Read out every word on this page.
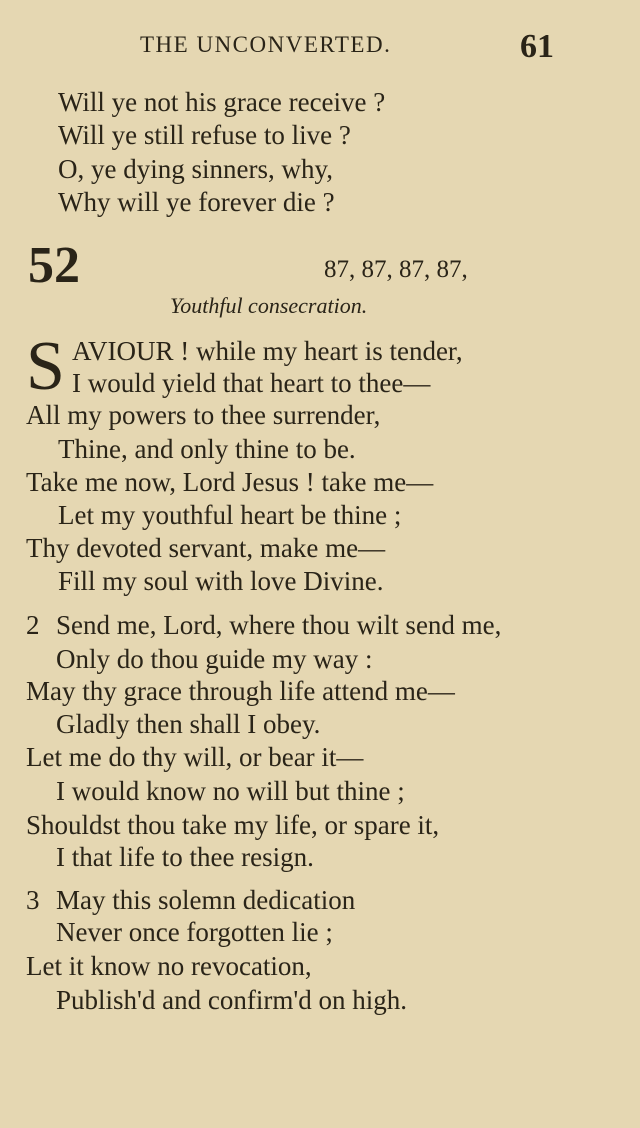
THE UNCONVERTED.	61
Will ye not his grace receive ?
Will ye still refuse to live ?
O, ye dying sinners, why,
Why will ye forever die ?
52	87, 87, 87, 87,
Youthful consecration.
S AVIOUR ! while my heart is tender,
I would yield that heart to thee—
All my powers to thee surrender,
Thine, and only thine to be.
Take me now, Lord Jesus ! take me—
Let my youthful heart be thine ;
Thy devoted servant, make me—
Fill my soul with love Divine.
2 Send me, Lord, where thou wilt send me,
Only do thou guide my way :
May thy grace through life attend me—
Gladly then shall I obey.
Let me do thy will, or bear it—
I would know no will but thine ;
Shouldst thou take my life, or spare it,
I that life to thee resign.
3 May this solemn dedication
Never once forgotten lie ;
Let it know no revocation,
Publish'd and confirm'd on high.
